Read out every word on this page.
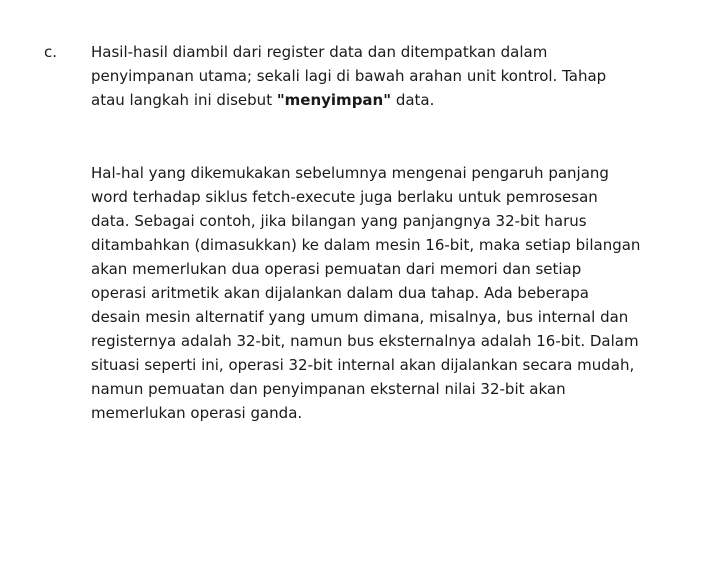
c. Hasil-hasil diambil dari register data dan ditempatkan dalam
penyimpanan utama; sekali lagi di bawah arahan unit kontrol. Tahap
atau langkah ini disebut "menyimpan" data.
Hal-hal yang dikemukakan sebelumnya mengenai pengaruh panjang
word terhadap siklus fetch-execute juga berlaku untuk pemrosesan
data. Sebagai contoh, jika bilangan yang panjangnya 32-bit harus
ditambahkan (dimasukkan) ke dalam mesin 16-bit, maka setiap bilangan
akan memerlukan dua operasi pemuatan dari memori dan setiap
operasi aritmetik akan dijalankan dalam dua tahap. Ada beberapa
desain mesin alternatif yang umum dimana, misalnya, bus internal dan
registernya adalah 32-bit, namun bus eksternalnya adalah 16-bit. Dalam
situasi seperti ini, operasi 32-bit internal akan dijalankan secara mudah,
namun pemuatan dan penyimpanan eksternal nilai 32-bit akan
memerlukan operasi ganda.
